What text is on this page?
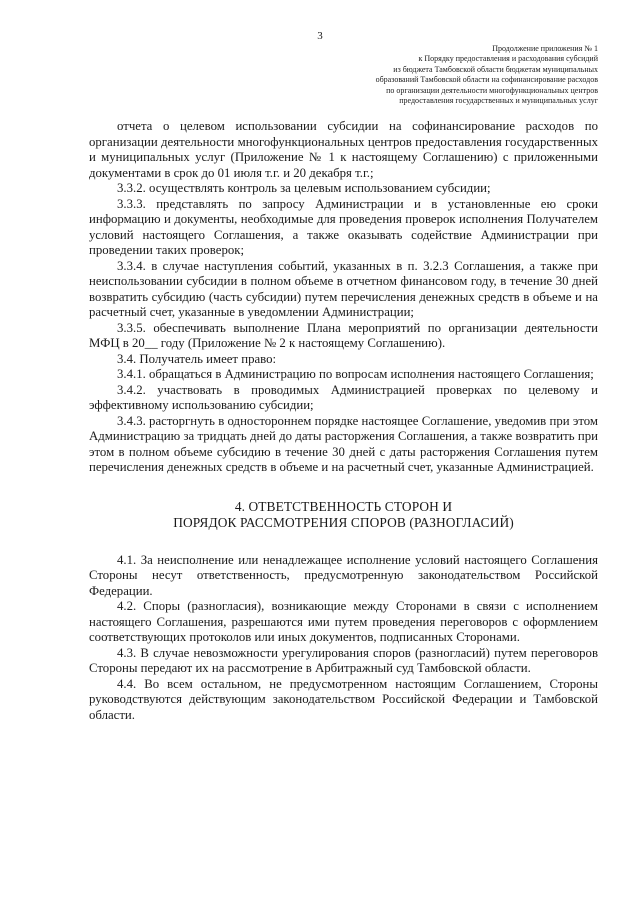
3
Продолжение приложения № 1
к Порядку предоставления и расходования субсидий
из бюджета Тамбовской области бюджетам муниципальных
образований Тамбовской области на софинансирование расходов
по организации деятельности многофункциональных центров
предоставления государственных и муниципальных услуг

отчета о целевом использовании субсидии на софинансирование расходов по организации деятельности многофункциональных центров предоставления государственных и муниципальных услуг (Приложение № 1 к настоящему Соглашению) с приложенными документами в срок до 01 июля т.г. и 20 декабря т.г.;

3.3.2. осуществлять контроль за целевым использованием субсидии;

3.3.3. представлять по запросу Администрации и в установленные ею сроки информацию и документы, необходимые для проведения проверок исполнения Получателем условий настоящего Соглашения, а также оказывать содействие Администрации при проведении таких проверок;

3.3.4. в случае наступления событий, указанных в п. 3.2.3 Соглашения, а также при неиспользовании субсидии в полном объеме в отчетном финансовом году, в течение 30 дней возвратить субсидию (часть субсидии) путем перечисления денежных средств в объеме и на расчетный счет, указанные в уведомлении Администрации;

3.3.5. обеспечивать выполнение Плана мероприятий по организации деятельности МФЦ в 20__ году (Приложение № 2 к настоящему Соглашению).

3.4. Получатель имеет право:

3.4.1. обращаться в Администрацию по вопросам исполнения настоящего Соглашения;

3.4.2. участвовать в проводимых Администрацией проверках по целевому и эффективному использованию субсидии;

3.4.3. расторгнуть в одностороннем порядке настоящее Соглашение, уведомив при этом Администрацию за тридцать дней до даты расторжения Соглашения, а также возвратить при этом в полном объеме субсидию в течение 30 дней с даты расторжения Соглашения путем перечисления денежных средств в объеме и на расчетный счет, указанные Администрацией.

4. ОТВЕТСТВЕННОСТЬ СТОРОН И
ПОРЯДОК РАССМОТРЕНИЯ СПОРОВ (РАЗНОГЛАСИЙ)

4.1. За неисполнение или ненадлежащее исполнение условий настоящего Соглашения Стороны несут ответственность, предусмотренную законодательством Российской Федерации.

4.2. Споры (разногласия), возникающие между Сторонами в связи с исполнением настоящего Соглашения, разрешаются ими путем проведения переговоров с оформлением соответствующих протоколов или иных документов, подписанных Сторонами.

4.3. В случае невозможности урегулирования споров (разногласий) путем переговоров Стороны передают их на рассмотрение в Арбитражный суд Тамбовской области.

4.4. Во всем остальном, не предусмотренном настоящим Соглашением, Стороны руководствуются действующим законодательством Российской Федерации и Тамбовской области.
